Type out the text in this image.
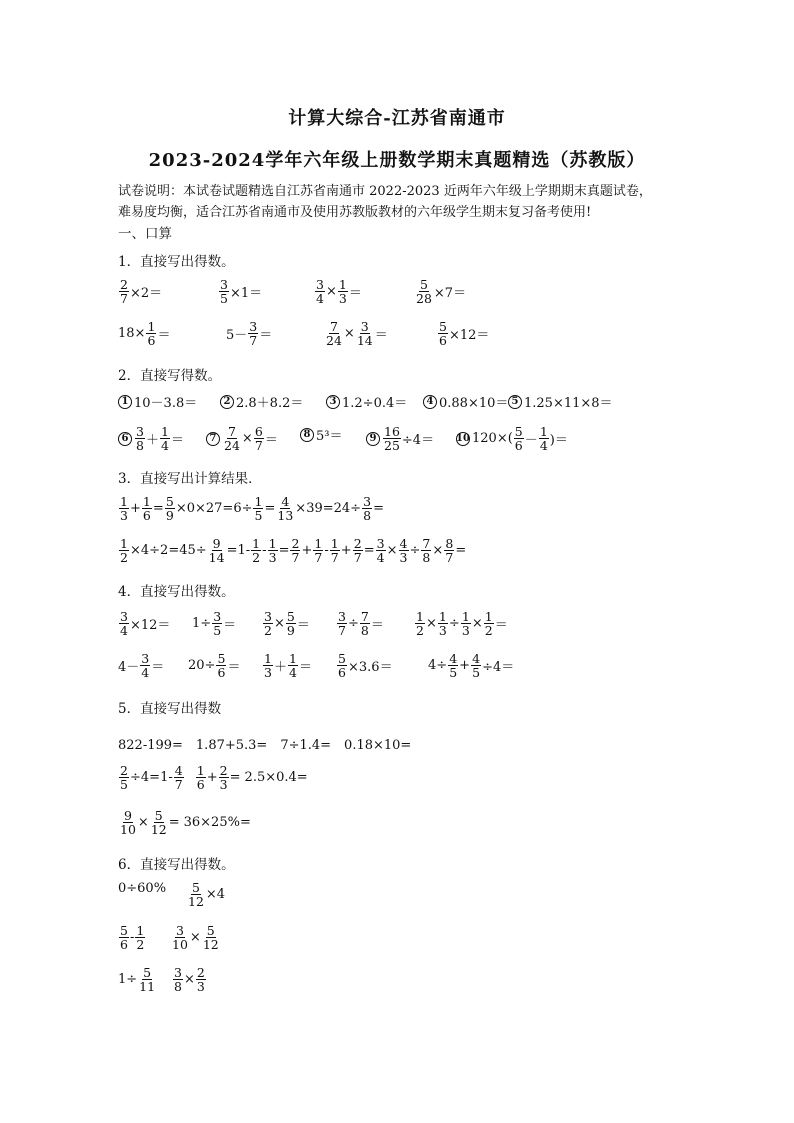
计算大综合-江苏省南通市
2023-2024学年六年级上册数学期末真题精选（苏教版）
试卷说明：本试卷试题精选自江苏省南通市 2022-2023 近两年六年级上学期期末真题试卷，
难易度均衡，适合江苏省南通市及使用苏教版教材的六年级学生期末复习备考使用!
一、口算
1．直接写出得数。
$\frac{2}{7} \times 2=$	$\frac{3}{5} \times 1=$	$\frac{3}{4} \times \frac{1}{3}$ ＝	$\frac{5}{28} \times 7=$
$18\times \frac{1}{6}$ ＝	$5- \frac{3}{7}$ ＝	$\frac{7}{24} \times \frac{3}{14}$ ＝	$\frac{5}{6} \times 12=$
2．直接写得数。
1 10－3.8＝	2 2.8＋8.2＝	3 1.2÷0.4＝	4 0.88×10＝ 5 1.25×11×8＝
$6 \frac{3}{8} + \frac{1}{4}$ ＝	$7 \frac{7}{24} \times \frac{6}{7}$ ＝	8 5³＝	$9 \frac{16}{25} \div 4= 10$ $120\times( \frac{5}{6} - \frac{1}{4}$ )＝
3．直接写出计算结果．
$\frac{1}{3} + \frac{1}{6} = \frac{5}{9} \times 0\times 27= 6\div \frac{1}{5} = \frac{4}{13} \times 39= 24\div \frac{3}{8}$ =
$\frac{1}{2} \times 4\div 2= 45\div \frac{9}{14} = 1- \frac{1}{2} - \frac{1}{3} = \frac{2}{7} + \frac{1}{7} - \frac{1}{7} + \frac{2}{7} = \frac{3}{4} \times \frac{4}{3} \div \frac{7}{8} \times \frac{8}{7}$ =
4．直接写出得数。
$\frac{3}{4} \times 12= 1\div \frac{3}{5} = \frac{3}{2} \times \frac{5}{9} = \frac{3}{7} \div \frac{7}{8} = \frac{1}{2} \times \frac{1}{3} \div \frac{1}{3} \times \frac{1}{2}$ ＝
$4- \frac{3}{4} = 20\div \frac{5}{6} = \frac{1}{3} + \frac{1}{4} = \frac{5}{6} \times 3.6=$	$4\div \frac{4}{5} + \frac{4}{5} \div 4=$
5．直接写出得数
822-199=　1.87+5.3=　7÷1.4=　0.18×10=
$\frac{2}{5} \div 4= 1- \frac{4}{7} \frac{1}{6} + \frac{2}{3} = 2.5\times 0.4=$
$\frac{9}{10} \times \frac{5}{12} = 36\times 25\%=$
6．直接写出得数。
$0\div 60\% \frac{5}{12} \times 4$
$\frac{5}{6} - \frac{1}{2} \frac{3}{10} \times \frac{5}{12}$
$1\div \frac{5}{11} \frac{3}{8} \times \frac{2}{3}$
